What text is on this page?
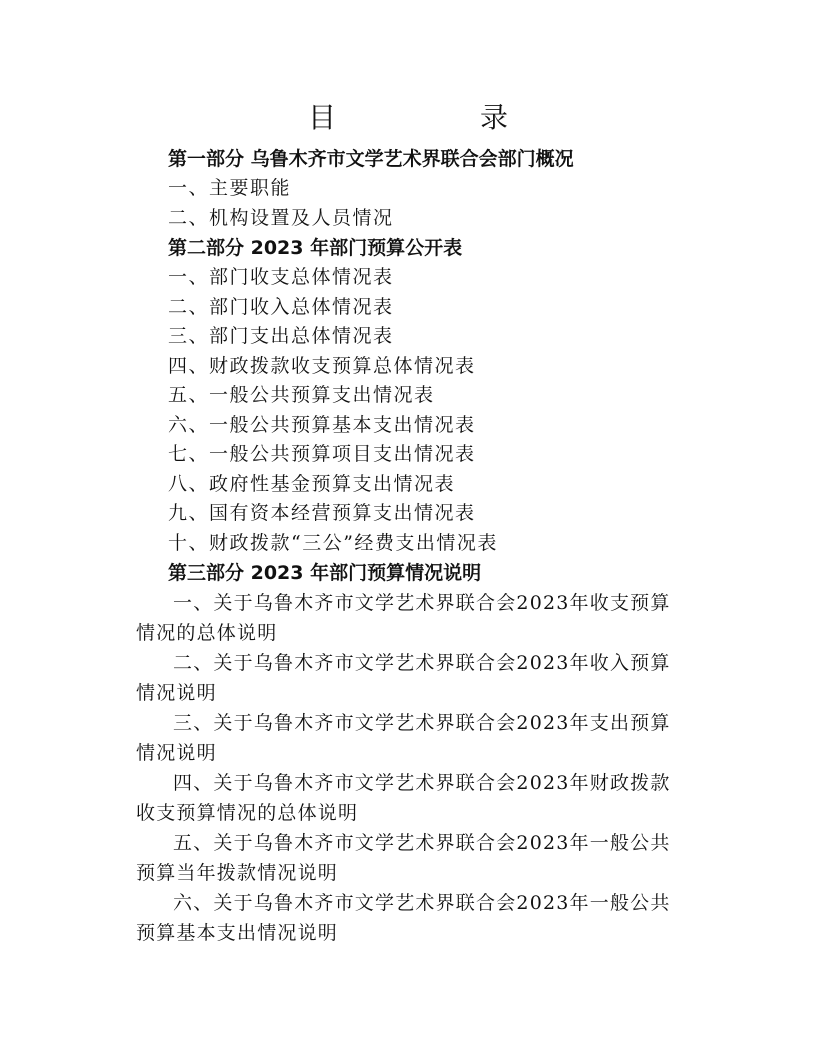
目　录
第一部分 乌鲁木齐市文学艺术界联合会部门概况
一、主要职能
二、机构设置及人员情况
第二部分 2023 年部门预算公开表
一、部门收支总体情况表
二、部门收入总体情况表
三、部门支出总体情况表
四、财政拨款收支预算总体情况表
五、一般公共预算支出情况表
六、一般公共预算基本支出情况表
七、一般公共预算项目支出情况表
八、政府性基金预算支出情况表
九、国有资本经营预算支出情况表
十、财政拨款“三公”经费支出情况表
第三部分 2023 年部门预算情况说明

一、关于乌鲁木齐市文学艺术界联合会2023年收支预算情况的总体说明

二、关于乌鲁木齐市文学艺术界联合会2023年收入预算情况说明

三、关于乌鲁木齐市文学艺术界联合会2023年支出预算情况说明

四、关于乌鲁木齐市文学艺术界联合会2023年财政拨款收支预算情况的总体说明

五、关于乌鲁木齐市文学艺术界联合会2023年一般公共预算当年拨款情况说明

六、关于乌鲁木齐市文学艺术界联合会2023年一般公共预算基本支出情况说明
